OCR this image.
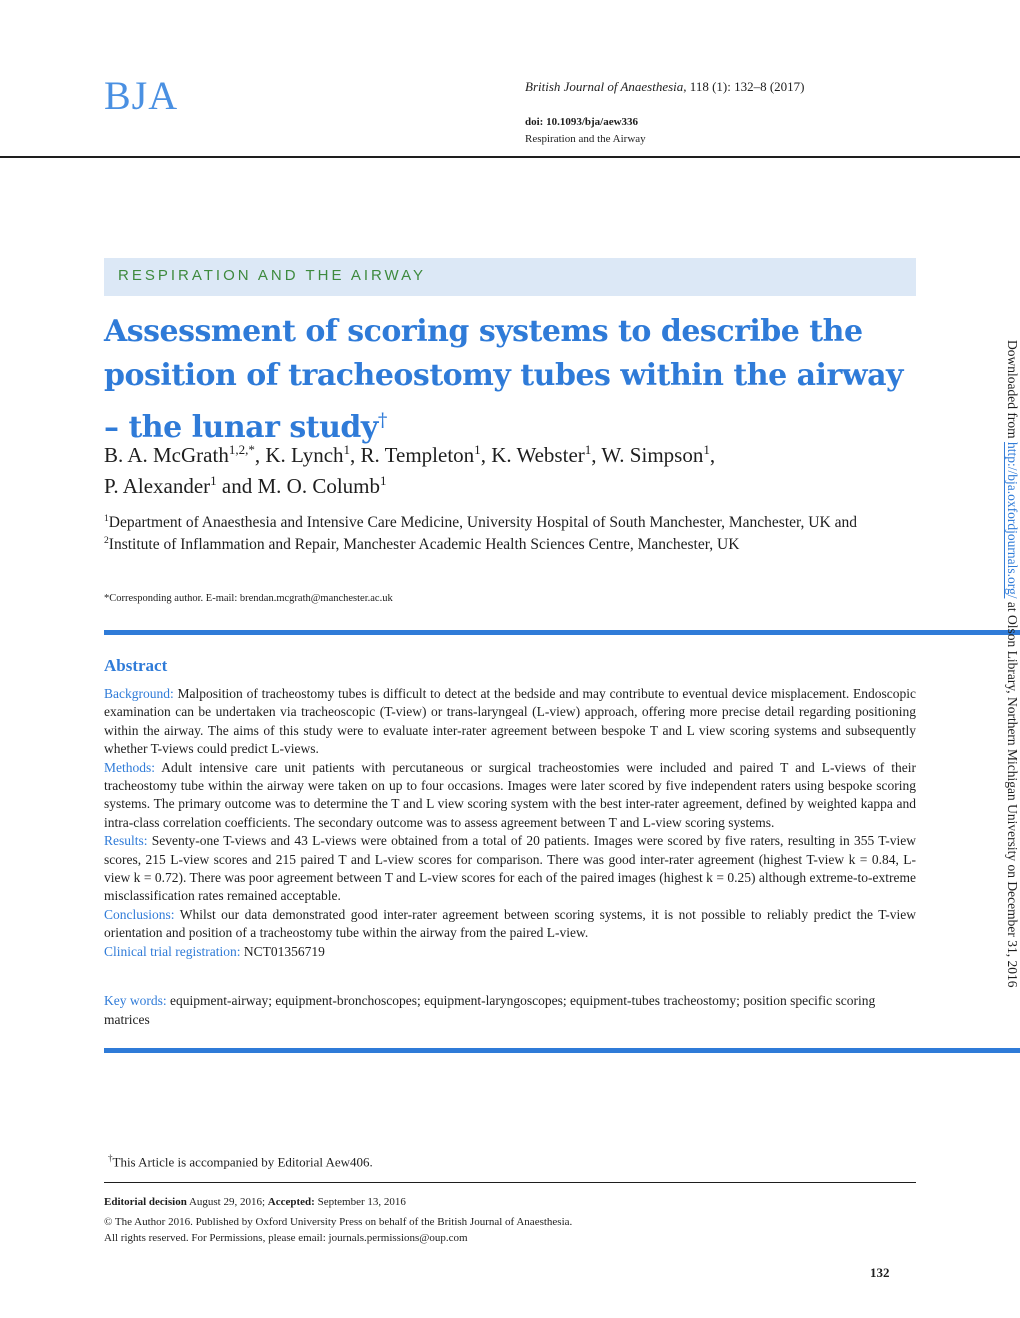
BJA	British Journal of Anaesthesia, 118 (1): 132–8 (2017)
doi: 10.1093/bja/aew336
Respiration and the Airway
RESPIRATION AND THE AIRWAY
Assessment of scoring systems to describe the position of tracheostomy tubes within the airway – the lunar study†
B. A. McGrath$^{1,2,*}$, K. Lynch$^1$, R. Templeton$^1$, K. Webster$^1$, W. Simpson$^1$,
P. Alexander$^1$ and M. O. Columb$^1$
$^1$Department of Anaesthesia and Intensive Care Medicine, University Hospital of South Manchester, Manchester, UK and $^2$Institute of Inflammation and Repair, Manchester Academic Health Sciences Centre, Manchester, UK
*Corresponding author. E-mail: brendan.mcgrath@manchester.ac.uk
Abstract

Background: Malposition of tracheostomy tubes is difficult to detect at the bedside and may contribute to eventual device misplacement. Endoscopic examination can be undertaken via tracheoscopic (T-view) or trans-laryngeal (L-view) approach, offering more precise detail regarding positioning within the airway. The aims of this study were to evaluate inter-rater agreement between bespoke T and L view scoring systems and subsequently whether T-views could predict L-views.

Methods: Adult intensive care unit patients with percutaneous or surgical tracheostomies were included and paired T and L-views of their tracheostomy tube within the airway were taken on up to four occasions. Images were later scored by five independent raters using bespoke scoring systems. The primary outcome was to determine the T and L view scoring system with the best inter-rater agreement, defined by weighted kappa and intra-class correlation coefficients. The secondary outcome was to assess agreement between T and L-view scoring systems.

Results: Seventy-one T-views and 43 L-views were obtained from a total of 20 patients. Images were scored by five raters, resulting in 355 T-view scores, 215 L-view scores and 215 paired T and L-view scores for comparison. There was good inter-rater agreement (highest T-view k = 0.84, L-view k = 0.72). There was poor agreement between T and L-view scores for each of the paired images (highest k = 0.25) although extreme-to-extreme misclassification rates remained acceptable.

Conclusions: Whilst our data demonstrated good inter-rater agreement between scoring systems, it is not possible to reliably predict the T-view orientation and position of a tracheostomy tube within the airway from the paired L-view.

Clinical trial registration: NCT01356719

Key words: equipment-airway; equipment-bronchoscopes; equipment-laryngoscopes; equipment-tubes tracheostomy; position specific scoring matrices
Downloaded from http://bja.oxfordjournals.org/ at Olson Library, Northern Michigan University on December 31, 2016
†This Article is accompanied by Editorial Aew406.
Editorial decision August 29, 2016; Accepted: September 13, 2016
© The Author 2016. Published by Oxford University Press on behalf of the British Journal of Anaesthesia.
All rights reserved. For Permissions, please email: journals.permissions@oup.com
132
